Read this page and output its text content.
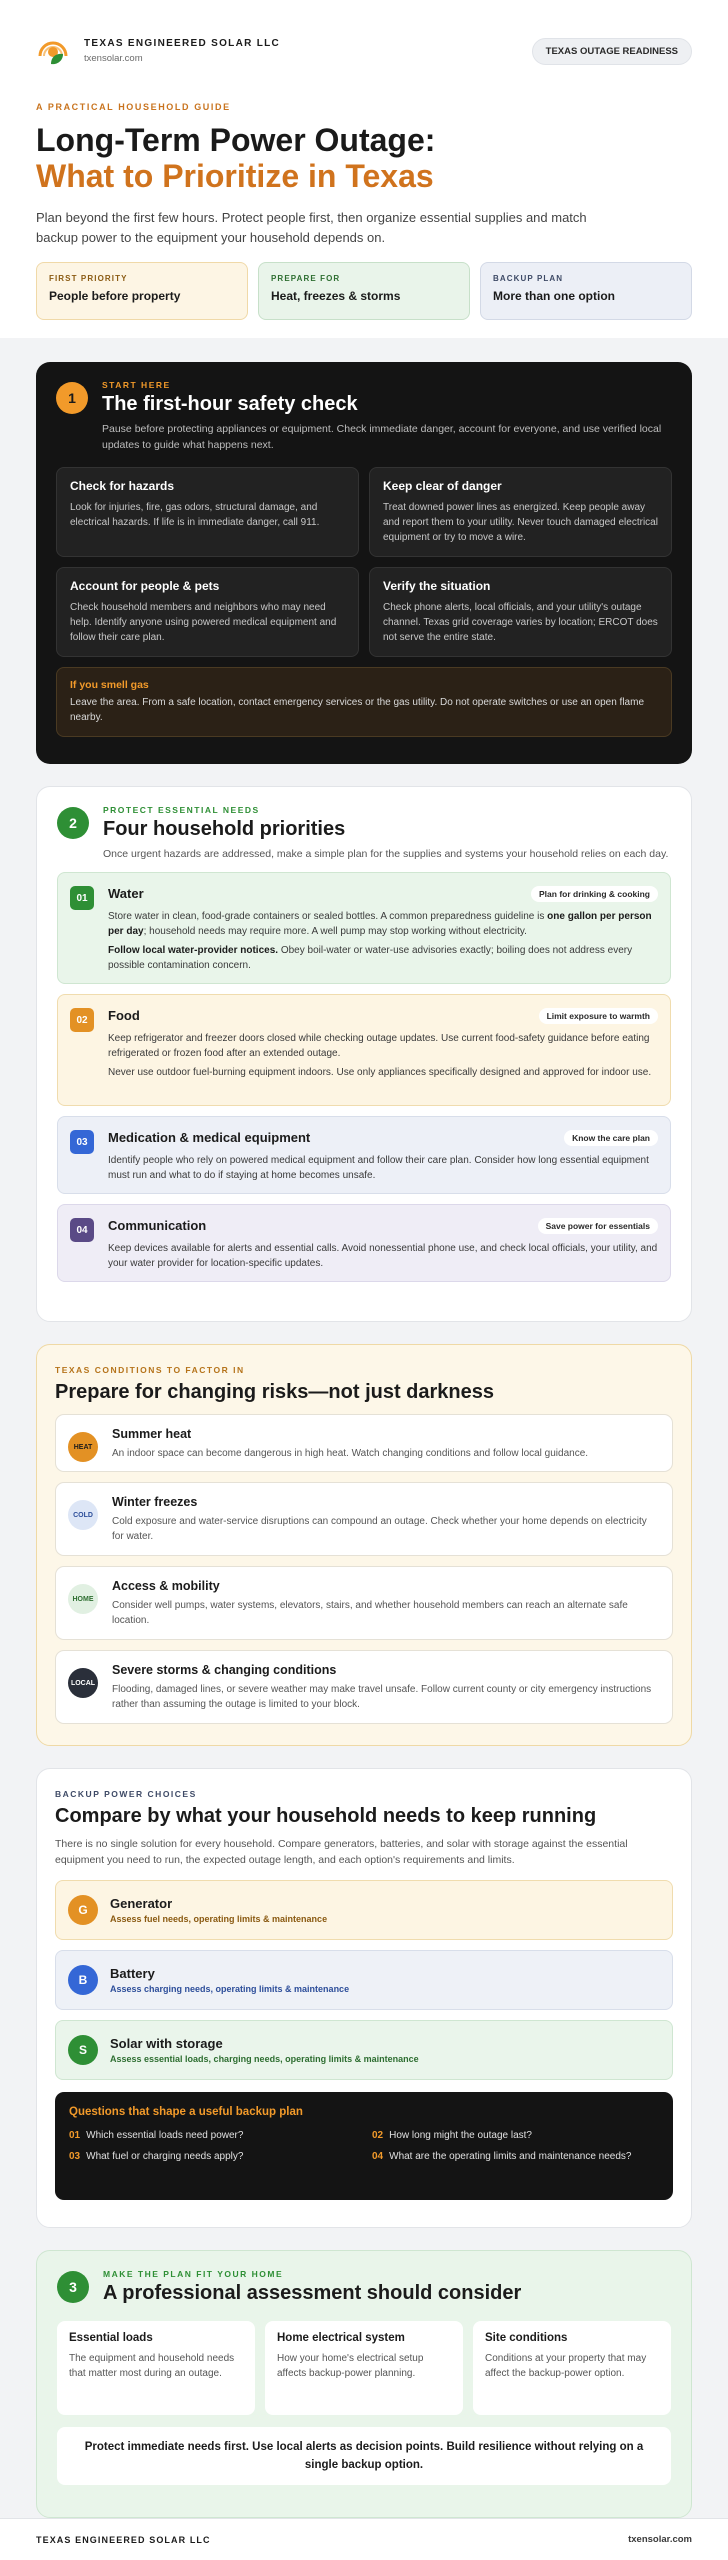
TEXAS ENGINEERED SOLAR LLC
txensolar.com
TEXAS OUTAGE READINESS
A PRACTICAL HOUSEHOLD GUIDE
Long-Term Power Outage:
What to Prioritize in Texas
Plan beyond the first few hours. Protect people first, then organize essential supplies and match backup power to the equipment your household depends on.
FIRST PRIORITY
People before property
PREPARE FOR
Heat, freezes & storms
BACKUP PLAN
More than one option
1
START HERE
The first-hour safety check
Pause before protecting appliances or equipment. Check immediate danger, account for everyone, and use verified local updates to guide what happens next.
Check for hazards
Look for injuries, fire, gas odors, structural damage, and electrical hazards. If life is in immediate danger, call 911.
Keep clear of danger
Treat downed power lines as energized. Keep people away and report them to your utility. Never touch damaged electrical equipment or try to move a wire.
Account for people & pets
Check household members and neighbors who may need help. Identify anyone using powered medical equipment and follow their care plan.
Verify the situation
Check phone alerts, local officials, and your utility's outage channel. Texas grid coverage varies by location; ERCOT does not serve the entire state.
If you smell gas
Leave the area. From a safe location, contact emergency services or the gas utility. Do not operate switches or use an open flame nearby.
2
PROTECT ESSENTIAL NEEDS
Four household priorities
Once urgent hazards are addressed, make a simple plan for the supplies and systems your household relies on each day.
01	Water
Store water in clean, food-grade containers or sealed bottles. A common preparedness guideline is one gallon per person per day; household needs may require more. A well pump may stop working without electricity.
Follow local water-provider notices. Obey boil-water or water-use advisories exactly; boiling does not address every possible contamination concern.
Plan for drinking & cooking
02	Food
Keep refrigerator and freezer doors closed while checking outage updates. Use current food-safety guidance before eating refrigerated or frozen food after an extended outage.
Never use outdoor fuel-burning equipment indoors. Use only appliances specifically designed and approved for indoor use.
Limit exposure to warmth
03	Medication & medical equipment
Identify people who rely on powered medical equipment and follow their care plan. Consider how long essential equipment must run and what to do if staying at home becomes unsafe.
Know the care plan
04	Communication
Keep devices available for alerts and essential calls. Avoid nonessential phone use, and check local officials, your utility, and your water provider for location-specific updates.
Save power for essentials
TEXAS CONDITIONS TO FACTOR IN
Prepare for changing risks—not just darkness
HEAT
Summer heat
An indoor space can become dangerous in high heat. Watch changing conditions and follow local guidance.
COLD
Winter freezes
Cold exposure and water-service disruptions can compound an outage. Check whether your home depends on electricity for water.
HOME
Access & mobility
Consider well pumps, water systems, elevators, stairs, and whether household members can reach an alternate safe location.
LOCAL
Severe storms & changing conditions
Flooding, damaged lines, or severe weather may make travel unsafe. Follow current county or city emergency instructions rather than assuming the outage is limited to your block.
BACKUP POWER CHOICES
Compare by what your household needs to keep running
There is no single solution for every household. Compare generators, batteries, and solar with storage against the essential equipment you need to run, the expected outage length, and each option's requirements and limits.
G	Generator
Assess fuel needs, operating limits & maintenance
B	Battery
Assess charging needs, operating limits & maintenance
S	Solar with storage
Assess essential loads, charging needs, operating limits & maintenance
Questions that shape a useful backup plan
01 Which essential loads need power?	02 How long might the outage last?
03 What fuel or charging needs apply?	04 What are the operating limits and maintenance needs?
3
MAKE THE PLAN FIT YOUR HOME
A professional assessment should consider
Essential loads
The equipment and household needs that matter most during an outage.
Home electrical system
How your home's electrical setup affects backup-power planning.
Site conditions
Conditions at your property that may affect the backup-power option.
Protect immediate needs first. Use local alerts as decision points. Build resilience without relying on a single backup option.
TEXAS ENGINEERED SOLAR LLC	txensolar.com
